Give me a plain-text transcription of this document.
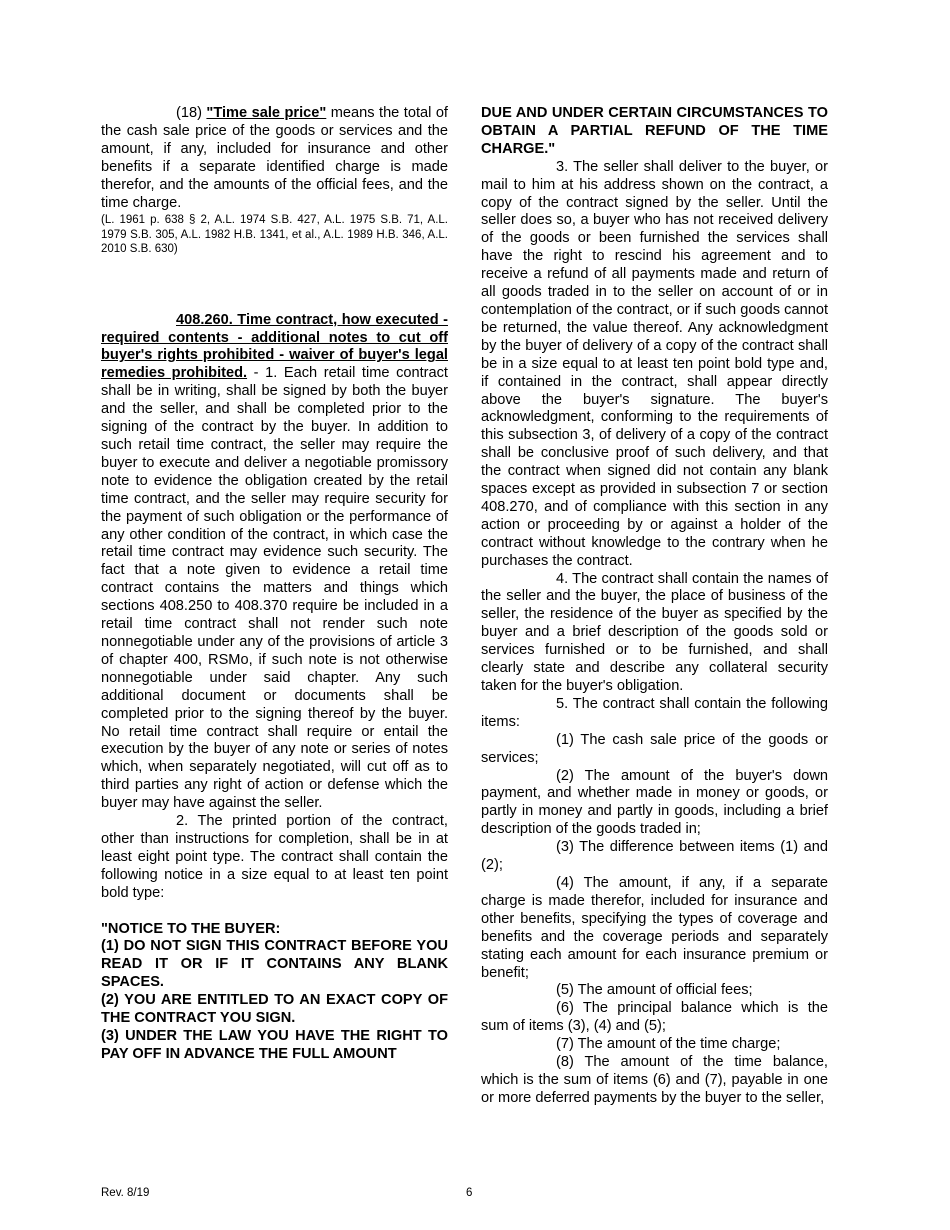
(18) "Time sale price" means the total of the cash sale price of the goods or services and the amount, if any, included for insurance and other benefits if a separate identified charge is made therefor, and the amounts of the official fees, and the time charge.

(L. 1961 p. 638 § 2, A.L. 1974 S.B. 427, A.L. 1975 S.B. 71, A.L. 1979 S.B. 305, A.L. 1982 H.B. 1341, et al., A.L. 1989 H.B. 346, A.L. 2010 S.B. 630)

408.260. Time contract, how executed - required contents - additional notes to cut off buyer's rights prohibited - waiver of buyer's legal remedies prohibited. - 1. Each retail time contract shall be in writing, shall be signed by both the buyer and the seller, and shall be completed prior to the signing of the contract by the buyer. In addition to such retail time contract, the seller may require the buyer to execute and deliver a negotiable promissory note to evidence the obligation created by the retail time contract, and the seller may require security for the payment of such obligation or the performance of any other condition of the contract, in which case the retail time contract may evidence such security. The fact that a note given to evidence a retail time contract contains the matters and things which sections 408.250 to 408.370 require be included in a retail time contract shall not render such note nonnegotiable under any of the provisions of article 3 of chapter 400, RSMo, if such note is not otherwise nonnegotiable under said chapter. Any such additional document or documents shall be completed prior to the signing thereof by the buyer. No retail time contract shall require or entail the execution by the buyer of any note or series of notes which, when separately negotiated, will cut off as to third parties any right of action or defense which the buyer may have against the seller.

2. The printed portion of the contract, other than instructions for completion, shall be in at least eight point type. The contract shall contain the following notice in a size equal to at least ten point bold type:

"NOTICE TO THE BUYER:

(1) DO NOT SIGN THIS CONTRACT BEFORE YOU READ IT OR IF IT CONTAINS ANY BLANK SPACES.

(2) YOU ARE ENTITLED TO AN EXACT COPY OF THE CONTRACT YOU SIGN.

(3) UNDER THE LAW YOU HAVE THE RIGHT TO PAY OFF IN ADVANCE THE FULL AMOUNT

DUE AND UNDER CERTAIN CIRCUMSTANCES TO OBTAIN A PARTIAL REFUND OF THE TIME CHARGE."

3. The seller shall deliver to the buyer, or mail to him at his address shown on the contract, a copy of the contract signed by the seller. Until the seller does so, a buyer who has not received delivery of the goods or been furnished the services shall have the right to rescind his agreement and to receive a refund of all payments made and return of all goods traded in to the seller on account of or in contemplation of the contract, or if such goods cannot be returned, the value thereof. Any acknowledgment by the buyer of delivery of a copy of the contract shall be in a size equal to at least ten point bold type and, if contained in the contract, shall appear directly above the buyer's signature. The buyer's acknowledgment, conforming to the requirements of this subsection 3, of delivery of a copy of the contract shall be conclusive proof of such delivery, and that the contract when signed did not contain any blank spaces except as provided in subsection 7 or section 408.270, and of compliance with this section in any action or proceeding by or against a holder of the contract without knowledge to the contrary when he purchases the contract.

4. The contract shall contain the names of the seller and the buyer, the place of business of the seller, the residence of the buyer as specified by the buyer and a brief description of the goods sold or services furnished or to be furnished, and shall clearly state and describe any collateral security taken for the buyer's obligation.

5. The contract shall contain the following items:

(1) The cash sale price of the goods or services;

(2) The amount of the buyer's down payment, and whether made in money or goods, or partly in money and partly in goods, including a brief description of the goods traded in;

(3) The difference between items (1) and (2);

(4) The amount, if any, if a separate charge is made therefor, included for insurance and other benefits, specifying the types of coverage and benefits and the coverage periods and separately stating each amount for each insurance premium or benefit;

(5) The amount of official fees;

(6) The principal balance which is the sum of items (3), (4) and (5);

(7) The amount of the time charge;

(8) The amount of the time balance, which is the sum of items (6) and (7), payable in one or more deferred payments by the buyer to the seller,

Rev. 8/19	6
